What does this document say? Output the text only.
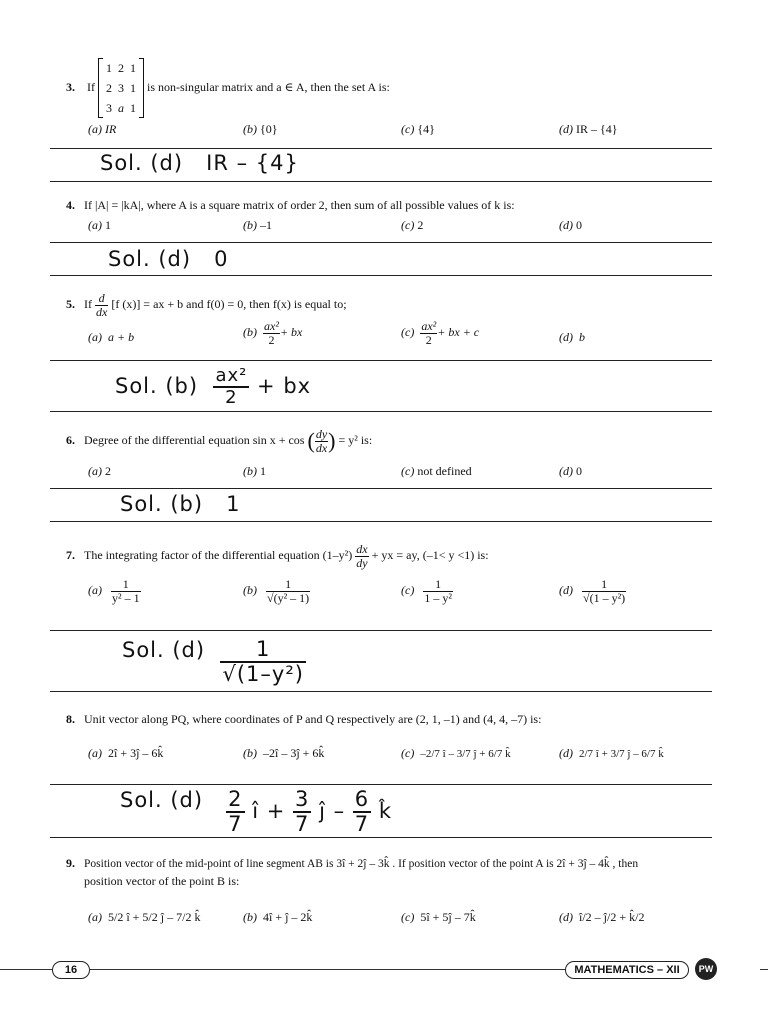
3. If
1 2 1
2 3 1
3 a 1
is non-singular matrix and a ∈ A, then the set A is:
(a) IR	(b) {0}	(c) {4}	(d) IR – {4}
Sol. (d) IR – {4}
4. If |A| = |kA|, where A is a square matrix of order 2, then sum of all possible values of k is:
(a) 1	(b) –1	(c) 2	(d) 0
Sol. (d) 0
5. If $\frac{d}{dx} [f$ (x)] = ax + b and f(0) = 0, then f(x) is equal to;
(a) a + b	$(b) \frac{\text{ax²}}{2}$ + bx	$(c) \frac{\text{ax²}}{2}$ + bx + c	(d) b
Sol. $(b) \frac{\text{ax²}}{2}$ + bx
6. Degree of the differential equation sin x + cos ( $\frac{dy}{dx}$ ) = y² is:
(a) 2	(b) 1	(c) not defined	(d) 0
Sol. (b) 1
7. The integrating factor of the differential equation $(1-y^2) \frac{dx}{dy}$ + yx = ay, (–1< y <1) is:
$(a) \frac{1}{\text{y² – 1}}$	$(b) \frac{1}{\text{√(y² – 1)}}$	$(c) \frac{1}{\text{1 – y²}}$	$(d) \frac{1}{\text{√(1 – y²)}}$
Sol. $(d) \frac{1}{\text{√(1–y²)}}$
8. Unit vector along PQ, where coordinates of P and Q respectively are (2, 1, –1) and (4, 4, –7) is:
(a) 2î + 3ĵ – 6k̂	(b) –2î – 3ĵ + 6k̂	(c) –2/7 î – 3/7 ĵ + 6/7 k̂	(d) 2/7 î + 3/7 ĵ – 6/7 k̂
Sol. $(d) \frac{2}{7}$ î + $\frac{3}{7}$ ĵ – $\frac{6}{7}$ k̂
9. Position vector of the mid-point of line segment AB is 3î + 2ĵ – 3k̂ . If position vector of the point A is 2î + 3ĵ – 4k̂ , then
position vector of the point B is:
(a) 5/2 î + 5/2 ĵ – 7/2 k̂	(b) 4î + ĵ – 2k̂	(c) 5î + 5ĵ – 7k̂	(d) î/2 – ĵ/2 + k̂/2
16	MATHEMATICS – XII	PW
